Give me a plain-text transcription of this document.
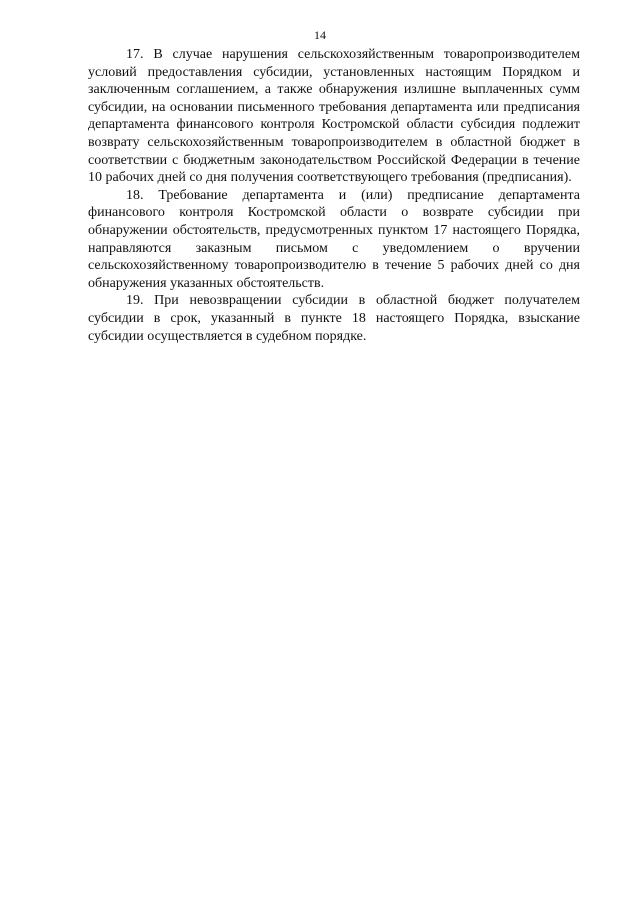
14

17. В случае нарушения сельскохозяйственным товаропроизводителем условий предоставления субсидии, установленных настоящим Порядком и заключенным соглашением, а также обнаружения излишне выплаченных сумм субсидии, на основании письменного требования департамента или предписания департамента финансового контроля Костромской области субсидия подлежит возврату сельскохозяйственным товаропроизводителем в областной бюджет в соответствии с бюджетным законодательством Российской Федерации в течение 10 рабочих дней со дня получения соответствующего требования (предписания).

18. Требование департамента и (или) предписание департамента финансового контроля Костромской области о возврате субсидии при обнаружении обстоятельств, предусмотренных пунктом 17 настоящего Порядка, направляются заказным письмом с уведомлением о вручении сельскохозяйственному товаропроизводителю в течение 5 рабочих дней со дня обнаружения указанных обстоятельств.

19. При невозвращении субсидии в областной бюджет получателем субсидии в срок, указанный в пункте 18 настоящего Порядка, взыскание субсидии осуществляется в судебном порядке.
